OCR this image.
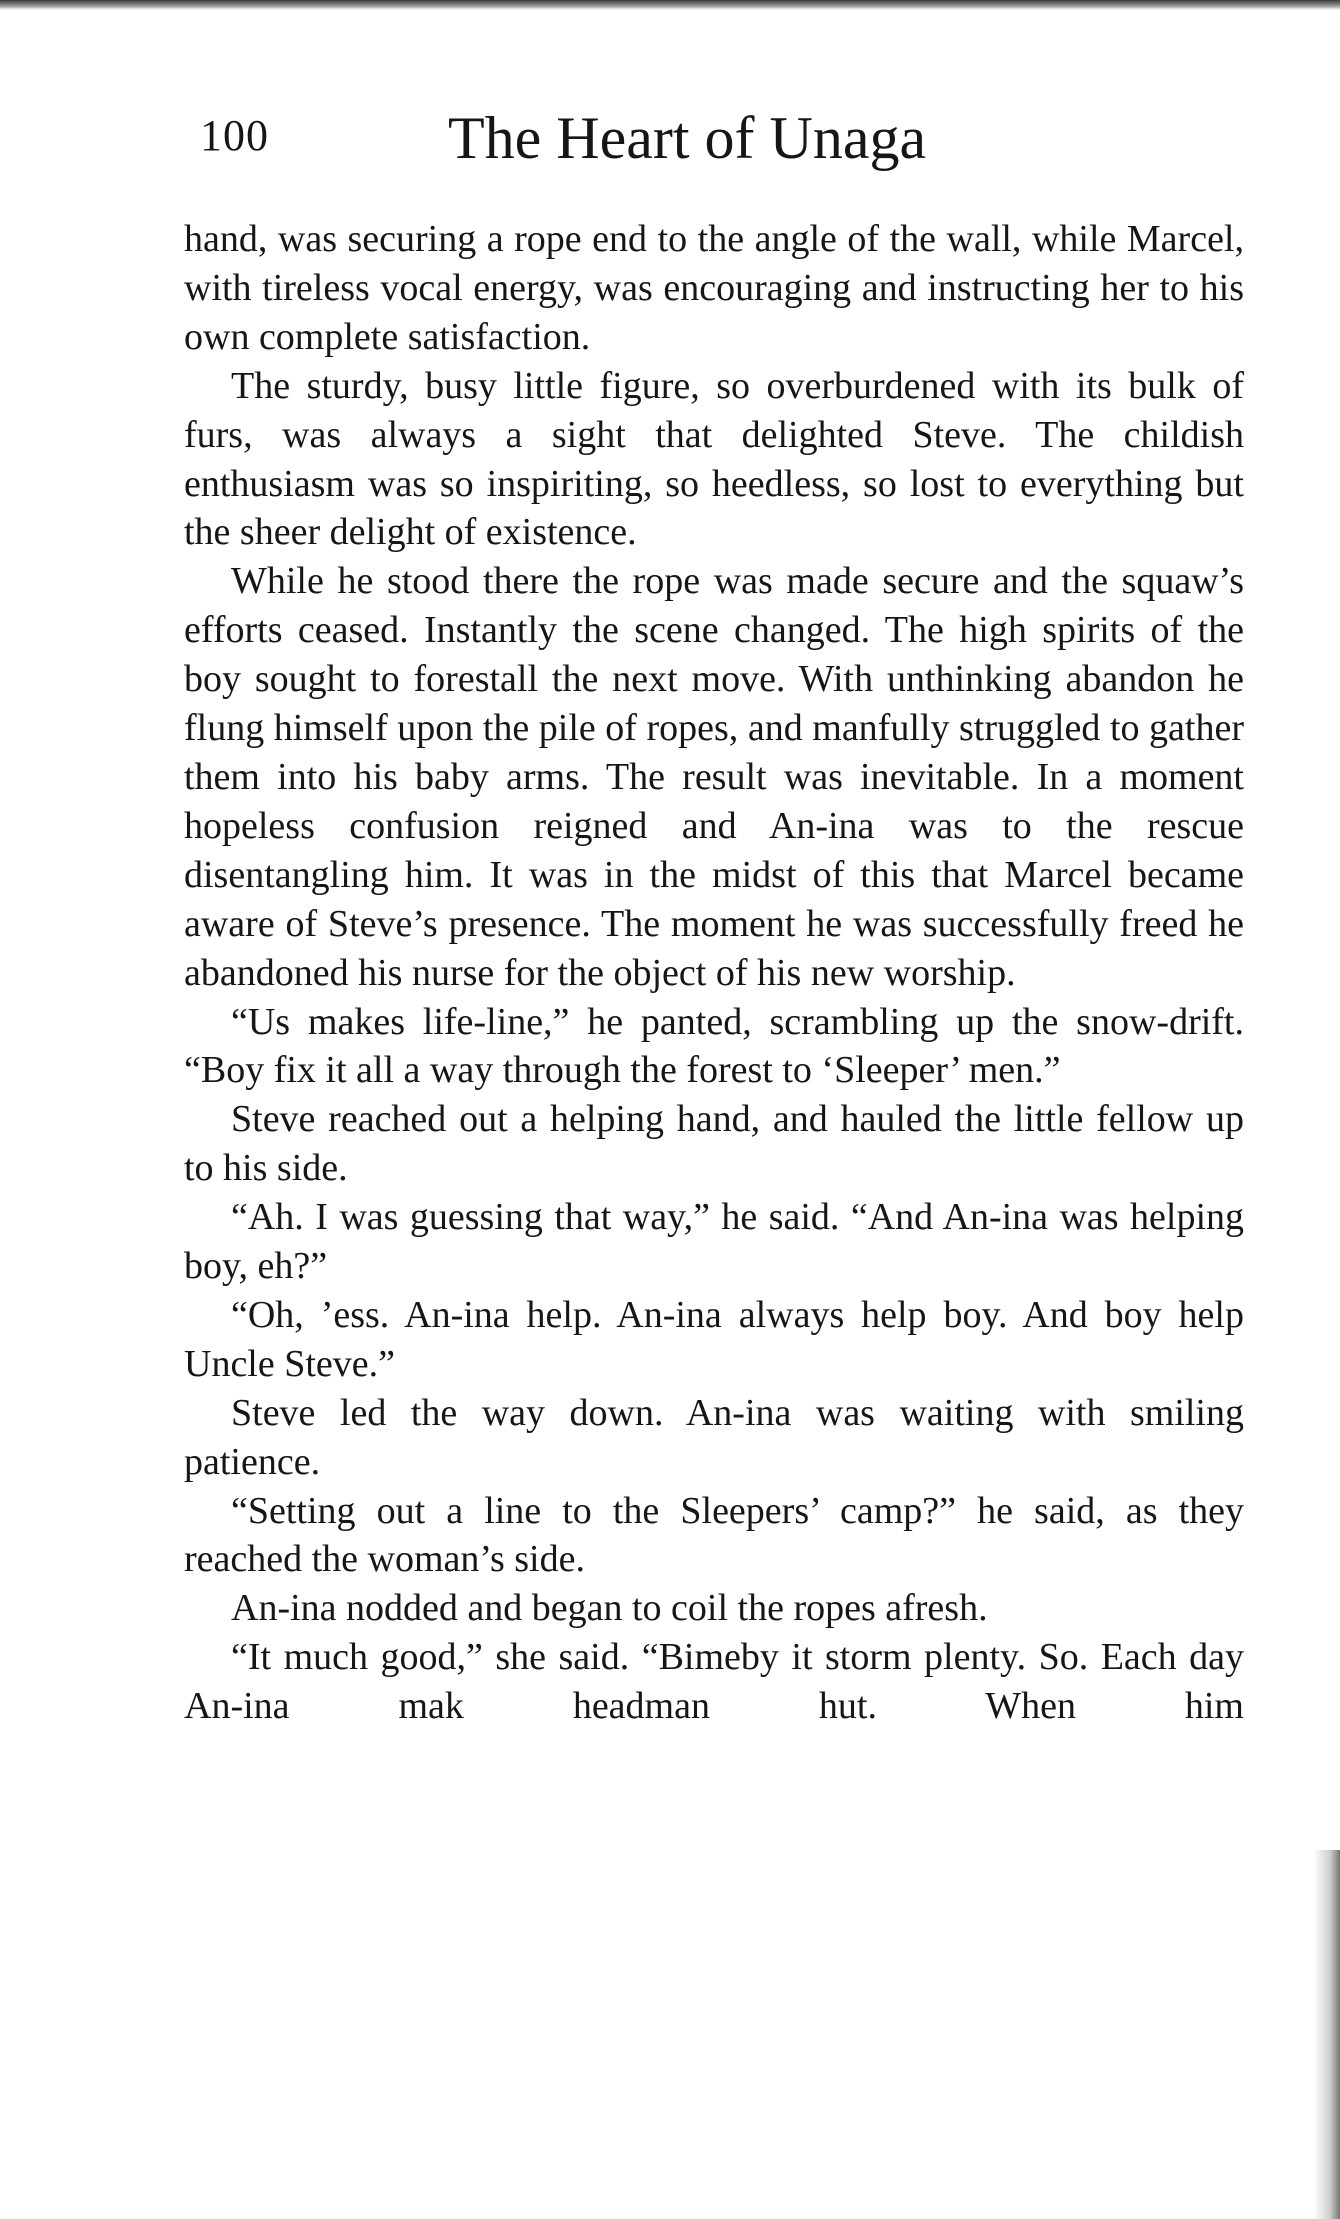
100	The Heart of Unaga

hand, was securing a rope end to the angle of the wall, while Marcel, with tireless vocal energy, was encouraging and instructing her to his own complete satisfaction.

The sturdy, busy little figure, so overburdened with its bulk of furs, was always a sight that delighted Steve. The childish enthusiasm was so inspiriting, so heedless, so lost to everything but the sheer delight of existence.

While he stood there the rope was made secure and the squaw’s efforts ceased. Instantly the scene changed. The high spirits of the boy sought to forestall the next move. With unthinking abandon he flung himself upon the pile of ropes, and manfully struggled to gather them into his baby arms. The result was inevitable. In a moment hopeless confusion reigned and An-ina was to the rescue disentangling him. It was in the midst of this that Marcel became aware of Steve’s presence. The moment he was successfully freed he abandoned his nurse for the object of his new worship.

“Us makes life-line,” he panted, scrambling up the snow-drift. “Boy fix it all a way through the forest to ‘Sleeper’ men.”

Steve reached out a helping hand, and hauled the little fellow up to his side.

“Ah. I was guessing that way,” he said. “And An-ina was helping boy, eh?”

“Oh, ’ess. An-ina help. An-ina always help boy. And boy help Uncle Steve.”

Steve led the way down. An-ina was waiting with smiling patience.

“Setting out a line to the Sleepers’ camp?” he said, as they reached the woman’s side.

An-ina nodded and began to coil the ropes afresh.

“It much good,” she said. “Bimeby it storm plenty. So. Each day An-ina mak headman hut. When him
